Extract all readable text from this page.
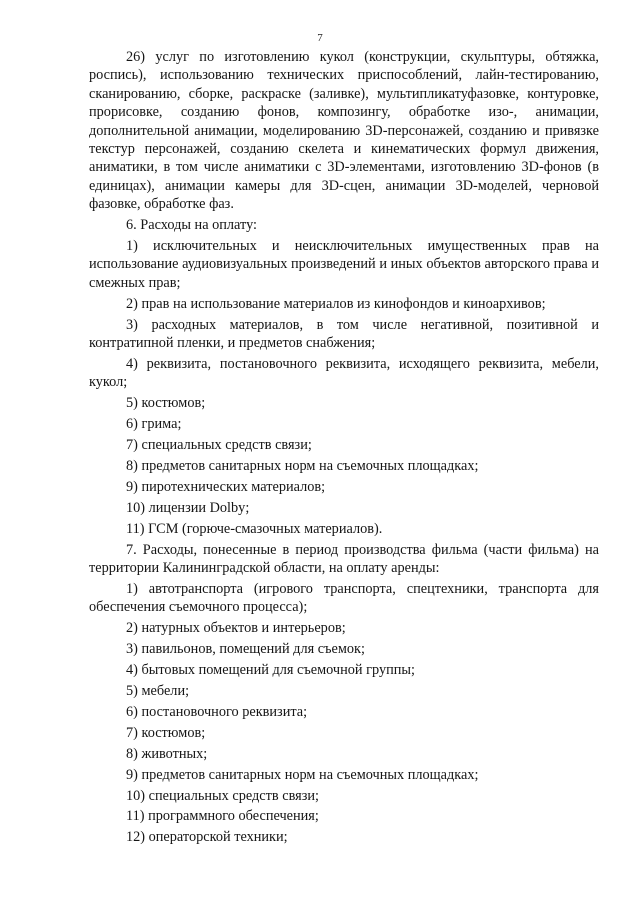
7

26) услуг по изготовлению кукол (конструкции, скульптуры, обтяжка, роспись), использованию технических приспособлений, лайн-тестированию, сканированию, сборке, раскраске (заливке), мультипликатуфазовке, контуровке, прорисовке, созданию фонов, композингу, обработке изо-, анимации, дополнительной анимации, моделированию 3D-персонажей, созданию и привязке текстур персонажей, созданию скелета и кинематических формул движения, аниматики, в том числе аниматики с 3D-элементами, изготовлению 3D-фонов (в единицах), анимации камеры для 3D-сцен, анимации 3D-моделей, черновой фазовке, обработке фаз.

6. Расходы на оплату:

1) исключительных и неисключительных имущественных прав на использование аудиовизуальных произведений и иных объектов авторского права и смежных прав;

2) прав на использование материалов из кинофондов и киноархивов;

3) расходных материалов, в том числе негативной, позитивной и контратипной пленки, и предметов снабжения;

4) реквизита, постановочного реквизита, исходящего реквизита, мебели, кукол;

5) костюмов;

6) грима;

7) специальных средств связи;

8) предметов санитарных норм на съемочных площадках;

9) пиротехнических материалов;

10) лицензии Dolby;

11) ГСМ (горюче-смазочных материалов).

7. Расходы, понесенные в период производства фильма (части фильма) на территории Калининградской области, на оплату аренды:

1) автотранспорта (игрового транспорта, спецтехники, транспорта для обеспечения съемочного процесса);

2) натурных объектов и интерьеров;

3) павильонов, помещений для съемок;

4) бытовых помещений для съемочной группы;

5) мебели;

6) постановочного реквизита;

7) костюмов;

8) животных;

9) предметов санитарных норм на съемочных площадках;

10) специальных средств связи;

11) программного обеспечения;

12) операторской техники;
